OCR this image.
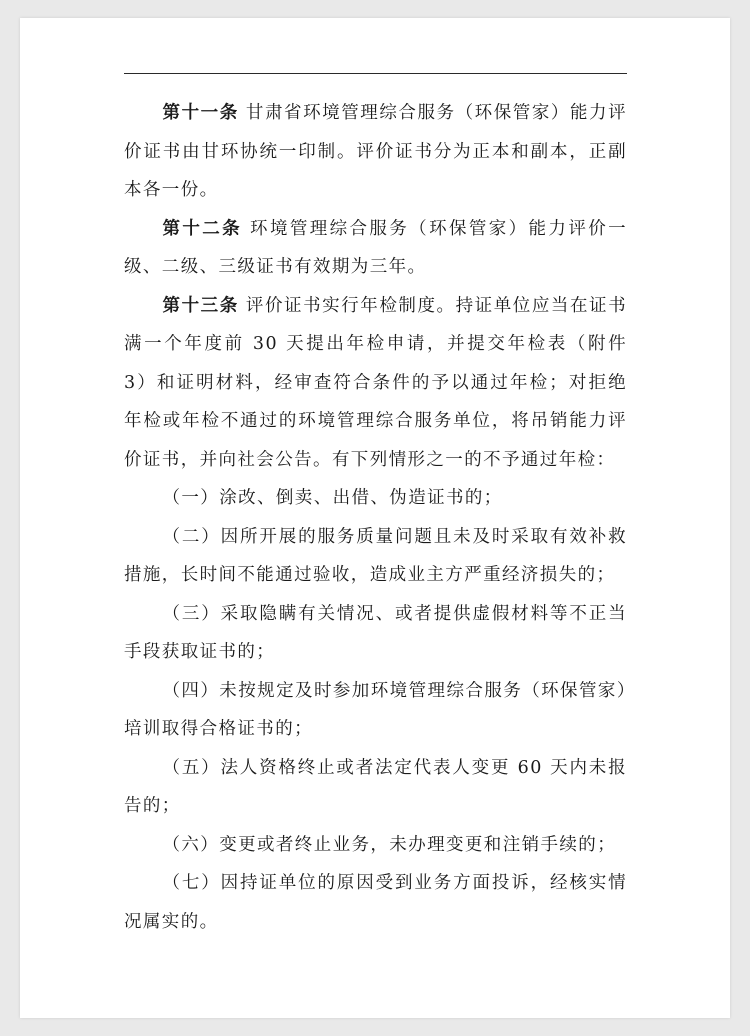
第十一条 甘肃省环境管理综合服务（环保管家）能力评价证书由甘环协统一印制。评价证书分为正本和副本，正副本各一份。

第十二条 环境管理综合服务（环保管家）能力评价一级、二级、三级证书有效期为三年。

第十三条 评价证书实行年检制度。持证单位应当在证书满一个年度前 30 天提出年检申请，并提交年检表（附件 3）和证明材料，经审查符合条件的予以通过年检；对拒绝年检或年检不通过的环境管理综合服务单位，将吊销能力评价证书，并向社会公告。有下列情形之一的不予通过年检：

（一）涂改、倒卖、出借、伪造证书的；

（二）因所开展的服务质量问题且未及时采取有效补救措施，长时间不能通过验收，造成业主方严重经济损失的；

（三）采取隐瞒有关情况、或者提供虚假材料等不正当手段获取证书的；

（四）未按规定及时参加环境管理综合服务（环保管家）培训取得合格证书的；

（五）法人资格终止或者法定代表人变更 60 天内未报告的；

（六）变更或者终止业务，未办理变更和注销手续的；

（七）因持证单位的原因受到业务方面投诉，经核实情况属实的。
